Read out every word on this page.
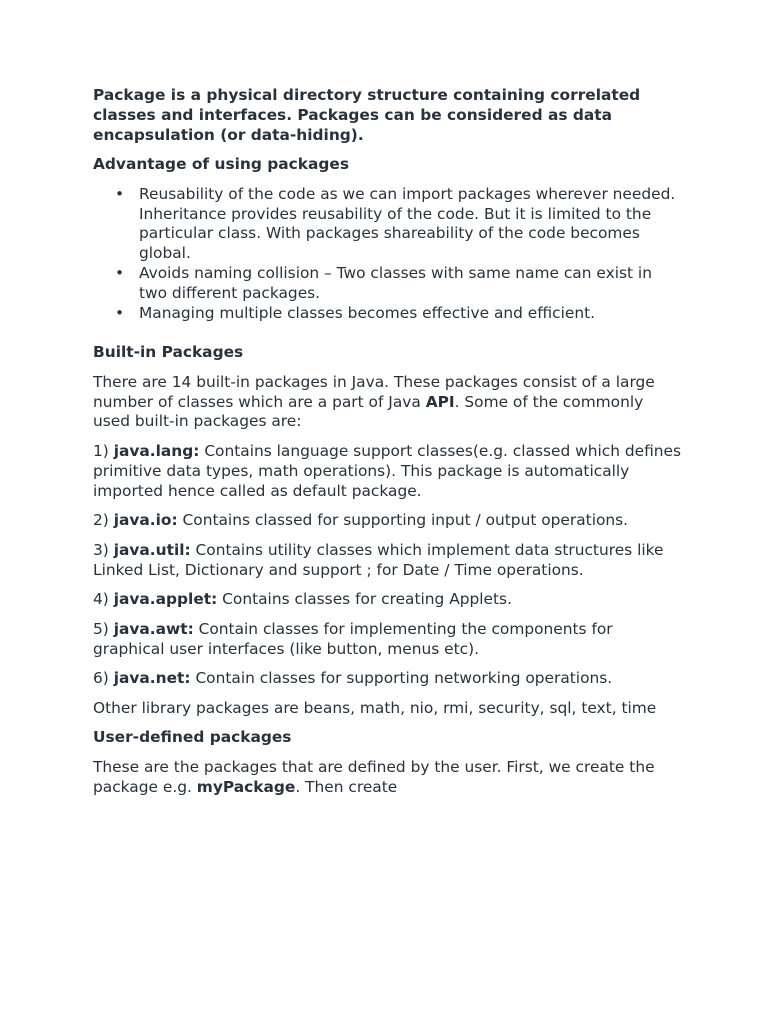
Package is a physical directory structure containing correlated classes and interfaces. Packages can be considered as data encapsulation (or data-hiding).

Advantage of using packages

• Reusability of the code as we can import packages wherever needed.
Inheritance provides reusability of the code. But it is limited to the particular class. With packages shareability of the code becomes global.
• Avoids naming collision – Two classes with same name can exist in two different packages.
• Managing multiple classes becomes effective and efficient.

Built-in Packages

There are 14 built-in packages in Java. These packages consist of a large number of classes which are a part of Java API. Some of the commonly used built-in packages are:

1) java.lang: Contains language support classes(e.g. classed which defines primitive data types, math operations). This package is automatically imported hence called as default package.

2) java.io: Contains classed for supporting input / output operations.

3) java.util: Contains utility classes which implement data structures like Linked List, Dictionary and support ; for Date / Time operations.

4) java.applet: Contains classes for creating Applets.

5) java.awt: Contain classes for implementing the components for graphical user interfaces (like button, menus etc).

6) java.net: Contain classes for supporting networking operations.

Other library packages are beans, math, nio, rmi, security, sql, text, time

User-defined packages

These are the packages that are defined by the user. First, we create the package e.g. myPackage. Then create
